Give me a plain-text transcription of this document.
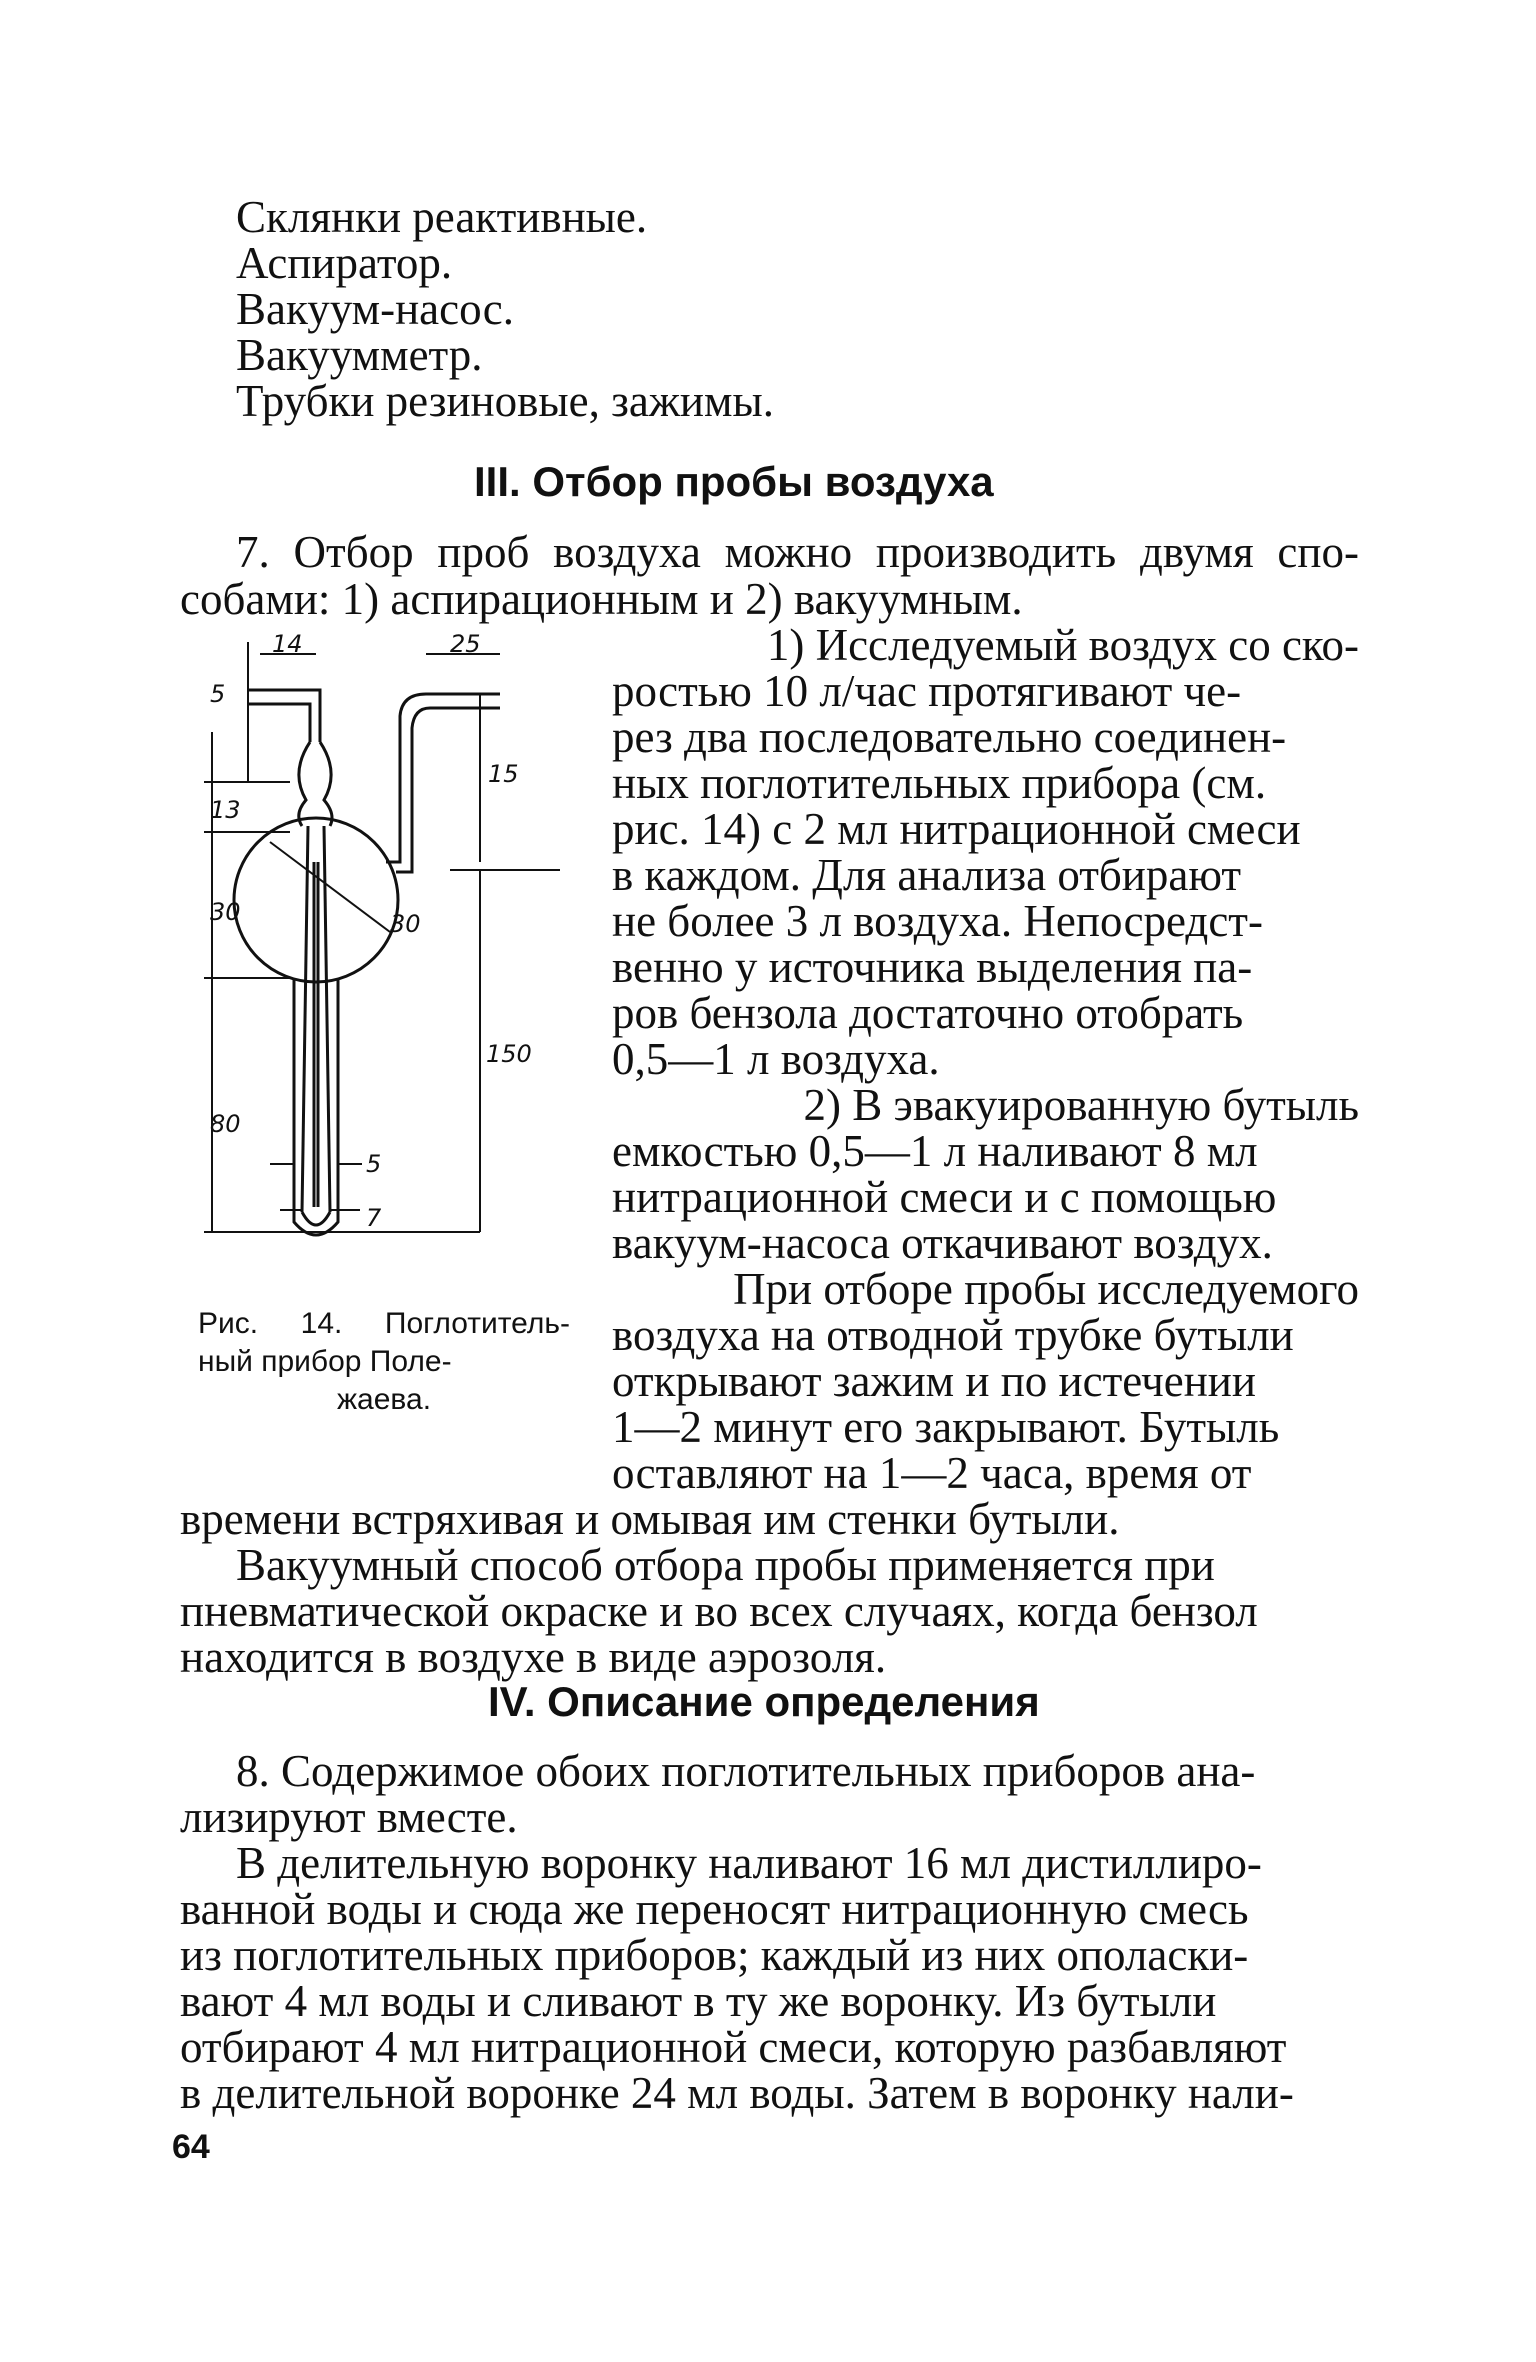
Склянки реактивные.
Аспиратор.
Вакуум-насос.
Вакуумметр.
Трубки резиновые, зажимы.
III. Отбор пробы воздуха
7. Отбор проб воздуха можно производить двумя спо-
собами: 1) аспирационным и 2) вакуумным.
1) Исследуемый воздух со ско-
ростью 10 л/час протягивают че-
рез два последовательно соединен-
ных поглотительных прибора (см.
рис. 14) с 2 мл нитрационной смеси
в каждом. Для анализа отбирают
не более 3 л воздуха. Непосредст-
венно у источника выделения па-
ров бензола достаточно отобрать
0,5—1 л воздуха.
2) В эвакуированную бутыль
емкостью 0,5—1 л наливают 8 мл
нитрационной смеси и с помощью
вакуум-насоса откачивают воздух.
При отборе пробы исследуемого
воздуха на отводной трубке бутыли
открывают зажим и по истечении
1—2 минут его закрывают. Бутыль
оставляют на 1—2 часа, время от
времени встряхивая и омывая им стенки бутыли.
Вакуумный способ отбора пробы применяется при
пневматической окраске и во всех случаях, когда бензол
находится в воздухе в виде аэрозоля.
14	25
5
13
15
30	30
150
80
5
7
Рис. 14. Поглотитель-
ный прибор Поле-
жаева.
IV. Описание определения
8. Содержимое обоих поглотительных приборов ана-
лизируют вместе.
В делительную воронку наливают 16 мл дистиллиро-
ванной воды и сюда же переносят нитрационную смесь
из поглотительных приборов; каждый из них ополаски-
вают 4 мл воды и сливают в ту же воронку. Из бутыли
отбирают 4 мл нитрационной смеси, которую разбавляют
в делительной воронке 24 мл воды. Затем в воронку нали-
64
